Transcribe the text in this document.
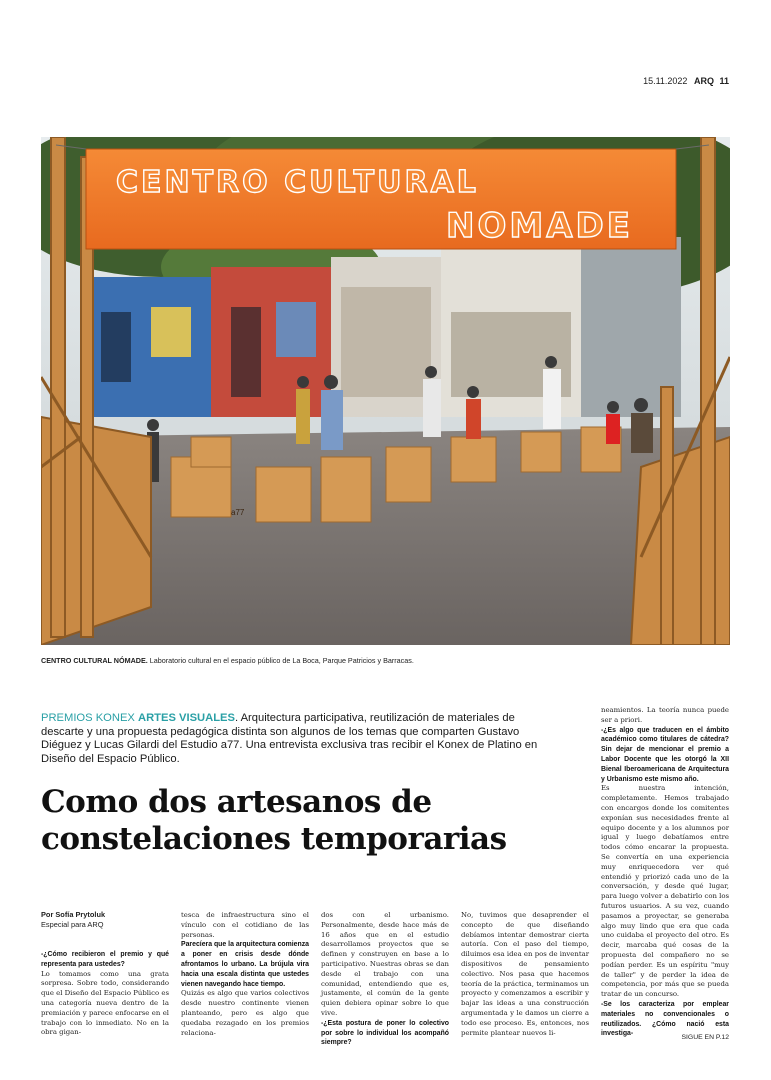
15.11.2022 ARQ 11
a77
CENTRO CULTURAL
NOMADE
CENTRO CULTURAL NÓMADE. Laboratorio cultural en el espacio público de La Boca, Parque Patricios y Barracas.
PREMIOS KONEX ARTES VISUALES. Arquitectura participativa, reutilización de materiales de descarte y una propuesta pedagógica distinta son algunos de los temas que comparten Gustavo Diéguez y Lucas Gilardi del Estudio a77. Una entrevista exclusiva tras recibir el Konex de Platino en Diseño del Espacio Público.
Como dos artesanos de
constelaciones temporarias
Por Sofía Prytoluk
Especial para ARQ

-¿Cómo recibieron el premio y qué representa para ustedes?

Lo tomamos como una grata sorpresa. Sobre todo, considerando que el Diseño del Espacio Público es una categoría nueva dentro de la premiación y parece enfocarse en el trabajo con lo inmediato. No en la obra gigan-

tesca de infraestructura sino el vínculo con el cotidiano de las personas.

Parecíera que la arquitectura comienza a poner en crisis desde dónde afrontamos lo urbano. La brújula vira hacia una escala distinta que ustedes vienen navegando hace tiempo.

Quizás es algo que varios colectivos desde nuestro continente vienen planteando, pero es algo que quedaba rezagado en los premios relaciona-

dos con el urbanismo. Personalmente, desde hace más de 16 años que en el estudio desarrollamos proyectos que se definen y construyen en base a lo participativo. Nuestras obras se dan desde el trabajo con una comunidad, entendiendo que es, justamente, el común de la gente quien debiera opinar sobre lo que vive.

-¿Esta postura de poner lo colectivo por sobre lo individual los acompañó siempre?

No, tuvimos que desaprender el concepto de que diseñando debíamos intentar demostrar cierta autoría. Con el paso del tiempo, diluimos esa idea en pos de inventar dispositivos de pensamiento colectivo. Nos pasa que hacemos teoría de la práctica, terminamos un proyecto y comenzamos a escribir y bajar las ideas a una construcción argumentada y le damos un cierre a todo ese proceso. Es, entonces, nos permite plantear nuevos li-

neamientos. La teoría nunca puede ser a priori.

-¿Es algo que traducen en el ámbito académico como titulares de cátedra? Sin dejar de mencionar el premio a Labor Docente que les otorgó la XII Bienal Iberoamericana de Arquitectura y Urbanismo este mismo año.

Es nuestra intención, completamente. Hemos trabajado con encargos donde los comitentes exponían sus necesidades frente al equipo docente y a los alumnos por igual y luego debatíamos entre todos cómo encarar la propuesta. Se convertía en una experiencia muy enriquecedora ver qué entendió y priorizó cada uno de la conversación, y desde qué lugar, para luego volver a debatirlo con los futuros usuarios. A su vez, cuando pasamos a proyectar, se generaba algo muy lindo que era que cada uno cuidaba el proyecto del otro. Es decir, marcaba qué cosas de la propuesta del compañero no se podían perder. Es un espíritu "muy de taller" y de perder la idea de competencia, por más que se pueda tratar de un concurso.

-Se los caracteriza por emplear materiales no convencionales o reutilizados. ¿Cómo nació esta investiga-

SIGUE EN P.12
